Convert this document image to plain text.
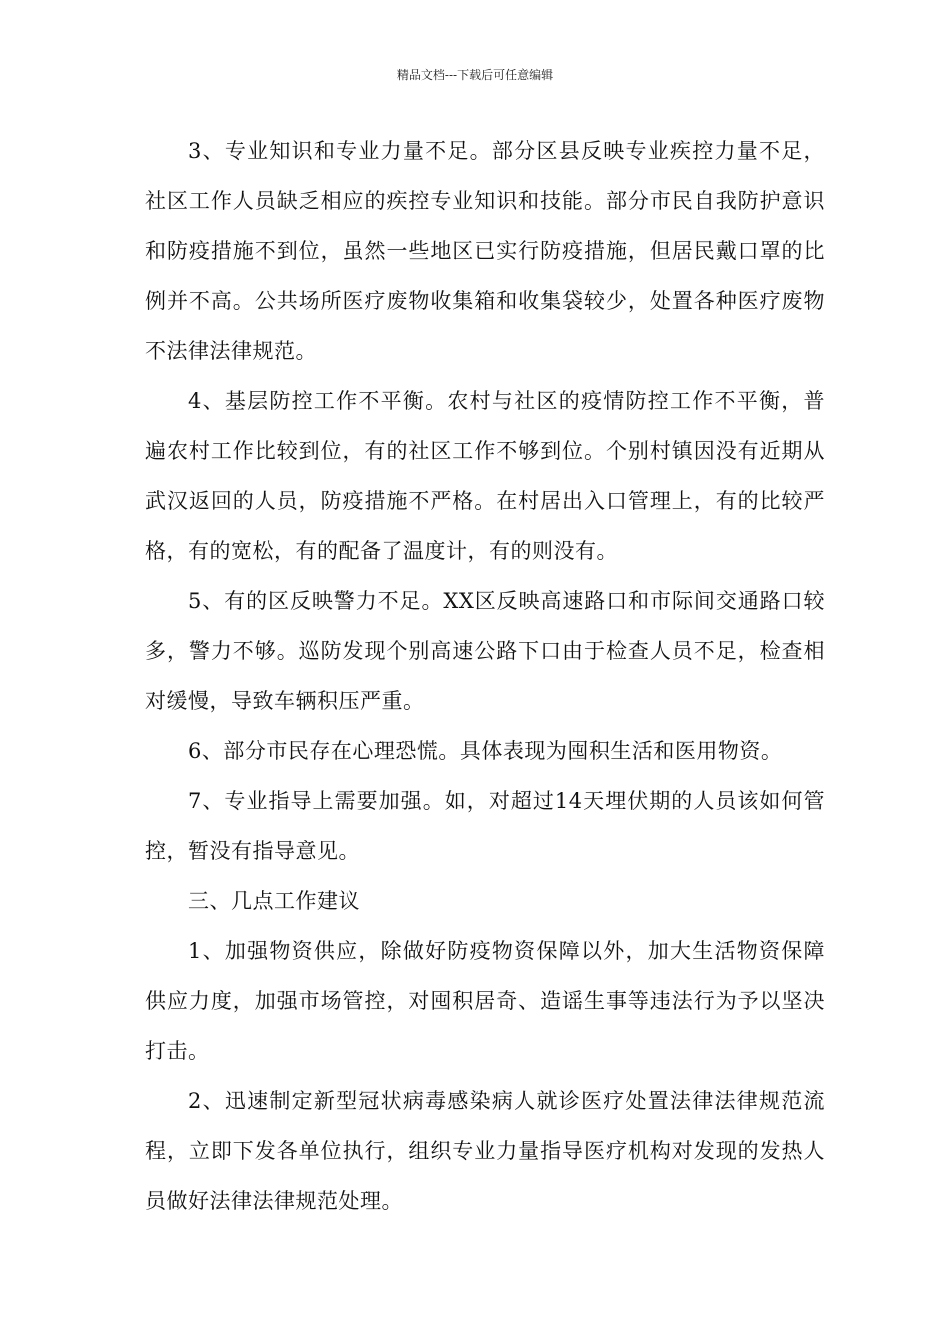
精品文档---下载后可任意编辑

3、专业知识和专业力量不足。部分区县反映专业疾控力量不足，社区工作人员缺乏相应的疾控专业知识和技能。部分市民自我防护意识和防疫措施不到位，虽然一些地区已实行防疫措施，但居民戴口罩的比例并不高。公共场所医疗废物收集箱和收集袋较少，处置各种医疗废物不法律法律规范。

4、基层防控工作不平衡。农村与社区的疫情防控工作不平衡，普遍农村工作比较到位，有的社区工作不够到位。个别村镇因没有近期从武汉返回的人员，防疫措施不严格。在村居出入口管理上，有的比较严格，有的宽松，有的配备了温度计，有的则没有。

5、有的区反映警力不足。XX区反映高速路口和市际间交通路口较多，警力不够。巡防发现个别高速公路下口由于检查人员不足，检查相对缓慢，导致车辆积压严重。

6、部分市民存在心理恐慌。具体表现为囤积生活和医用物资。

7、专业指导上需要加强。如，对超过14天埋伏期的人员该如何管控，暂没有指导意见。

三、几点工作建议

1、加强物资供应，除做好防疫物资保障以外，加大生活物资保障供应力度，加强市场管控，对囤积居奇、造谣生事等违法行为予以坚决打击。

2、迅速制定新型冠状病毒感染病人就诊医疗处置法律法律规范流程，立即下发各单位执行，组织专业力量指导医疗机构对发现的发热人员做好法律法律规范处理。
